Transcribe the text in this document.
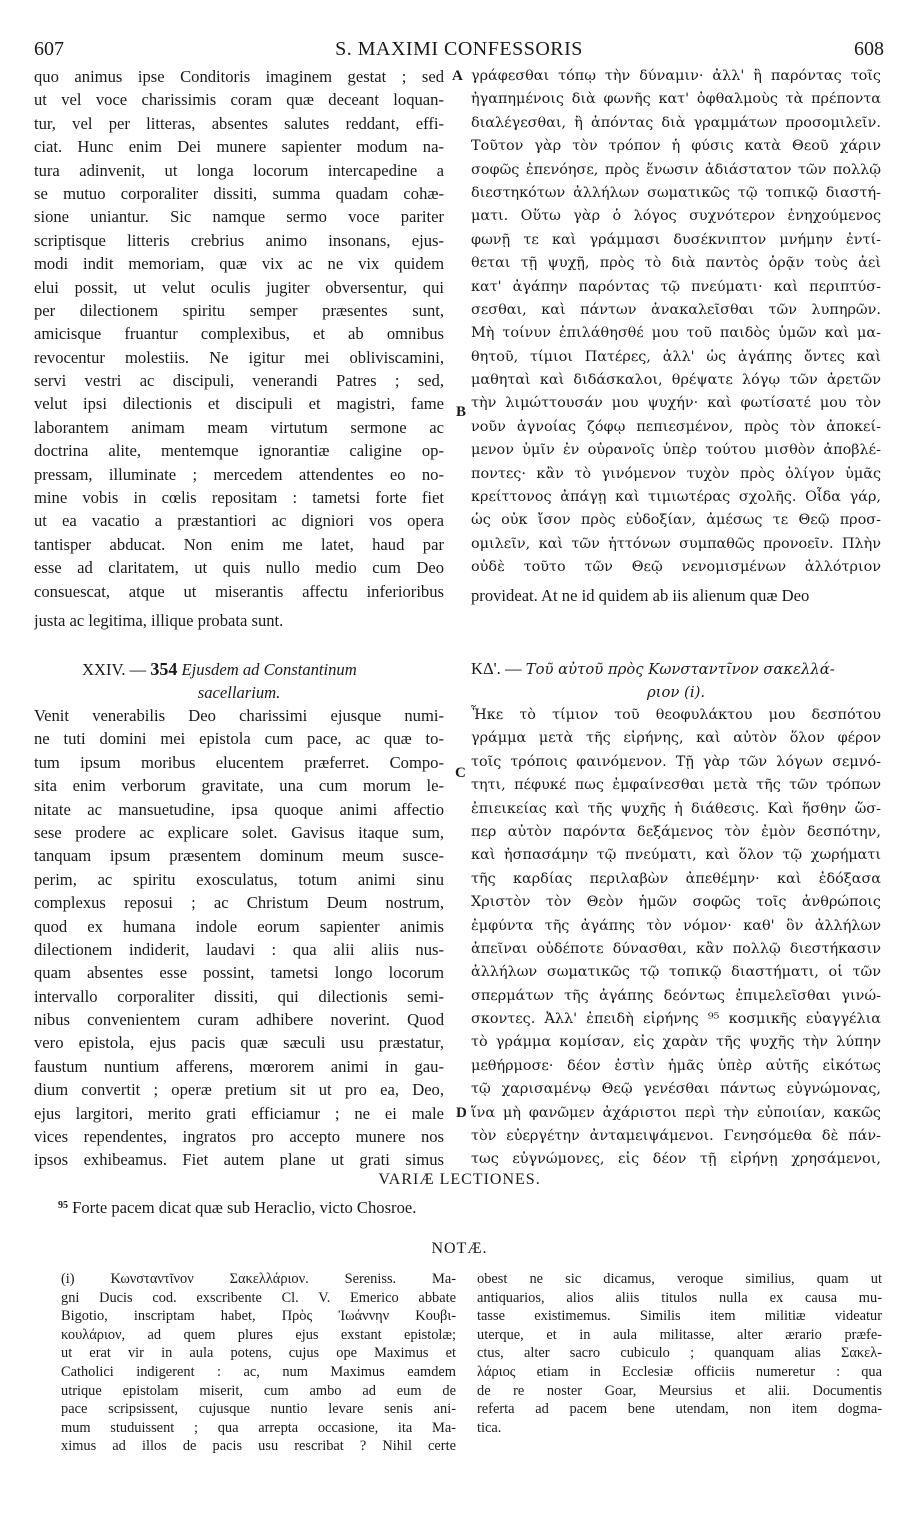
607	S. MAXIMI CONFESSORIS	608
A
B
C
D
quo animus ipse Conditoris imaginem gestat ; sed
ut vel voce charissimis coram quæ deceant loquan-
tur, vel per litteras, absentes salutes reddant, effi-
ciat. Hunc enim Dei munere sapienter modum na-
tura adinvenit, ut longa locorum intercapedine a
se mutuo corporaliter dissiti, summa quadam cohæ-
sione uniantur. Sic namque sermo voce pariter
scriptisque litteris crebrius animo insonans, ejus-
modi indit memoriam, quæ vix ac ne vix quidem
elui possit, ut velut oculis jugiter obversentur, qui
per dilectionem spiritu semper præsentes sunt,
amicisque fruantur complexibus, et ab omnibus
revocentur molestiis. Ne igitur mei obliviscamini,
servi vestri ac discipuli, venerandi Patres ; sed,
velut ipsi dilectionis et discipuli et magistri, fame
laborantem animam meam virtutum sermone ac
doctrina alite, mentemque ignorantiæ caligine op-
pressam, illuminate ; mercedem attendentes eo no-
mine vobis in cœlis repositam : tametsi forte fiet
ut ea vacatio a præstantiori ac digniori vos opera
tantisper abducat. Non enim me latet, haud par
esse ad claritatem, ut quis nullo medio cum Deo
consuescat, atque ut miserantis affectu inferioribus provideat. At ne id quidem ab iis alienum quæ Deo
justa ac legitima, illique probata sunt.
γράφεσθαι τόπῳ τὴν δύναμιν· ἀλλ' ἢ παρόντας τοῖς
ἠγαπημένοις διὰ φωνῆς κατ' ὀφθαλμοὺς τὰ πρέποντα
διαλέγεσθαι, ἢ ἀπόντας διὰ γραμμάτων προσομιλεῖν.
Τοῦτον γὰρ τὸν τρόπον ἡ φύσις κατὰ Θεοῦ χάριν
σοφῶς ἐπενόησε, πρὸς ἕνωσιν ἀδιάστατον τῶν πολλῷ
διεστηκότων ἀλλήλων σωματικῶς τῷ τοπικῷ διαστή-
ματι. Οὕτω γὰρ ὁ λόγος συχνότερον ἐνηχούμενος
φωνῇ τε καὶ γράμμασι δυσέκνιπτον μνήμην ἐντί-
θεται τῇ ψυχῇ, πρὸς τὸ διὰ παντὸς ὁρᾷν τοὺς ἀεὶ
κατ' ἀγάπην παρόντας τῷ πνεύματι· καὶ περιπτύσ-
σεσθαι, καὶ πάντων ἀνακαλεῖσθαι τῶν λυπηρῶν.
Μὴ τοίνυν ἐπιλάθησθέ μου τοῦ παιδὸς ὑμῶν καὶ μα-
θητοῦ, τίμιοι Πατέρες, ἀλλ' ὡς ἀγάπης ὄντες καὶ
μαθηταὶ καὶ διδάσκαλοι, θρέψατε λόγῳ τῶν ἀρετῶν
τὴν λιμώττουσάν μου ψυχήν· καὶ φωτίσατέ μου τὸν
νοῦν ἀγνοίας ζόφῳ πεπιεσμένον, πρὸς τὸν ἀποκεί-
μενον ὑμῖν ἐν οὐρανοῖς ὑπὲρ τούτου μισθὸν ἀποβλέ-
ποντες· κἂν τὸ γινόμενον τυχὸν πρὸς ὀλίγον ὑμᾶς
κρείττονος ἀπάγῃ καὶ τιμιωτέρας σχολῆς. Οἶδα γάρ,
ὡς οὐκ ἴσον πρὸς εὐδοξίαν, ἀμέσως τε Θεῷ προσ-
ομιλεῖν, καὶ τῶν ἡττόνων συμπαθῶς προνοεῖν. Πλὴν
οὐδὲ τοῦτο τῶν Θεῷ νενομισμένων ἀλλότριον
XXIV. — 354 Ejusdem ad Constantinum
sacellarium.
ΚΔ'. — Τοῦ αὐτοῦ πρὸς Κωνσταντῖνον σακελλά-
ριον (i).
Venit venerabilis Deo charissimi ejusque numi-
ne tuti domini mei epistola cum pace, ac quæ to-
tum ipsum moribus elucentem præferret. Compo-
sita enim verborum gravitate, una cum morum le-
nitate ac mansuetudine, ipsa quoque animi affectio
sese prodere ac explicare solet. Gavisus itaque sum,
tanquam ipsum præsentem dominum meum susce-
perim, ac spiritu exosculatus, totum animi sinu
complexus reposui ; ac Christum Deum nostrum,
quod ex humana indole eorum sapienter animis
dilectionem indiderit, laudavi : qua alii aliis nus-
quam absentes esse possint, tametsi longo locorum
intervallo corporaliter dissiti, qui dilectionis semi-
nibus convenientem curam adhibere noverint. Quod
vero epistola, ejus pacis quæ sæculi usu præstatur,
faustum nuntium afferens, mœrorem animi in gau-
dium convertit ; operæ pretium sit ut pro ea, Deo,
ejus largitori, merito grati efficiamur ; ne ei male
vices rependentes, ingratos pro accepto munere nos
ipsos exhibeamus. Fiet autem plane ut grati simus
Ἧκε τὸ τίμιον τοῦ θεοφυλάκτου μου δεσπότου
γράμμα μετὰ τῆς εἰρήνης, καὶ αὐτὸν ὅλον φέρον
τοῖς τρόποις φαινόμενον. Τῇ γὰρ τῶν λόγων σεμνό-
τητι, πέφυκέ πως ἐμφαίνεσθαι μετὰ τῆς τῶν τρόπων
ἐπιεικείας καὶ τῆς ψυχῆς ἡ διάθεσις. Καὶ ἥσθην ὥσ-
περ αὐτὸν παρόντα δεξάμενος τὸν ἐμὸν δεσπότην,
καὶ ἠσπασάμην τῷ πνεύματι, καὶ ὅλον τῷ χωρήματι
τῆς καρδίας περιλαβὼν ἀπεθέμην· καὶ ἐδόξασα
Χριστὸν τὸν Θεὸν ἡμῶν σοφῶς τοῖς ἀνθρώποις
ἐμφύντα τῆς ἀγάπης τὸν νόμον· καθ' ὃν ἀλλήλων
ἀπεῖναι οὐδέποτε δύνασθαι, κἂν πολλῷ διεστήκασιν
ἀλλήλων σωματικῶς τῷ τοπικῷ διαστήματι, οἱ τῶν
σπερμάτων τῆς ἀγάπης δεόντως ἐπιμελεῖσθαι γινώ-
σκοντες. Ἀλλ' ἐπειδὴ εἰρήνης ⁹⁵ κοσμικῆς εὐαγγέλια
τὸ γράμμα κομίσαν, εἰς χαρὰν τῆς ψυχῆς τὴν λύπην
μεθήρμοσε· δέον ἐστὶν ἡμᾶς ὑπὲρ αὐτῆς εἰκότως
τῷ χαρισαμένῳ Θεῷ γενέσθαι πάντως εὐγνώμονας,
ἵνα μὴ φανῶμεν ἀχάριστοι περὶ τὴν εὐποιίαν, κακῶς
τὸν εὐεργέτην ἀνταμειψάμενοι. Γενησόμεθα δὲ πάν-
τως εὐγνώμονες, εἰς δέον τῇ εἰρήνῃ χρησάμενοι,
VARIÆ LECTIONES.
$^{95}$ Forte pacem dicat quæ sub Heraclio, victo Chosroe.
NOTÆ.
(i) Κωνσταντῖνον Σακελλάριον. Sereniss. Ma-
gni Ducis cod. exscribente Cl. V. Emerico abbate
Bigotio, inscriptam habet, Πρὸς Ἰωάννην Κουβι-
κουλάριον, ad quem plures ejus exstant epistolæ;
ut erat vir in aula potens, cujus ope Maximus et
Catholici indigerent : ac, num Maximus eamdem
utrique epistolam miserit, cum ambo ad eum de
pace scripsissent, cujusque nuntio levare senis ani-
mum studuissent ; qua arrepta occasione, ita Ma-
ximus ad illos de pacis usu rescribat ? Nihil certe
obest ne sic dicamus, veroque similius, quam ut
antiquarios, alios aliis titulos nulla ex causa mu-
tasse existimemus. Similis item militiæ videatur
uterque, et in aula militasse, alter ærario præfe-
ctus, alter sacro cubiculo ; quanquam alias Σακελ-
λάριος etiam in Ecclesiæ officiis numeretur : qua
de re noster Goar, Meursius et alii. Documentis
referta ad pacem bene utendam, non item dogma-
tica.
